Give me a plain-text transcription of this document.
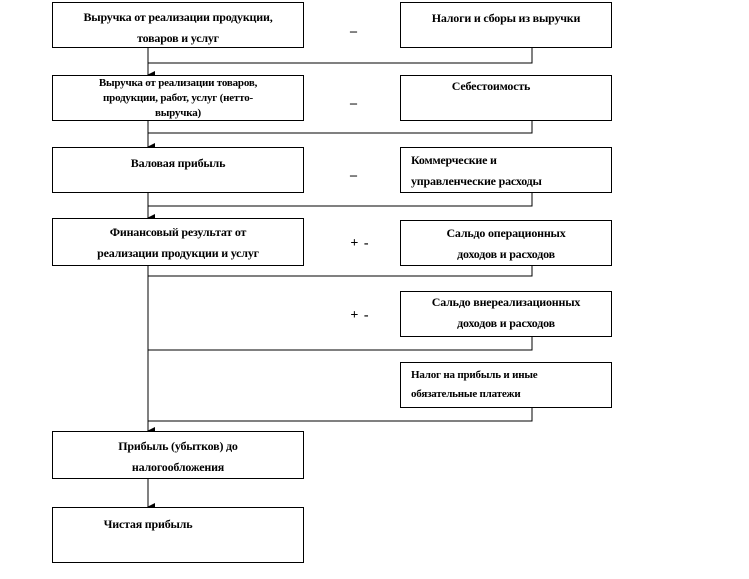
Выручка от реализации продукции,
товаров и услуг
Выручка от реализации товаров,
продукции, работ, услуг (нетто-
выручка)
Валовая прибыль
Финансовый результат от
реализации продукции и услуг
Прибыль (убытков) до
налогообложения
Чистая прибыль
Налоги и сборы из выручки
Себестоимость
Коммерческие и
управленческие расходы
Сальдо операционных
доходов и расходов
Сальдо внереализационных
доходов и расходов
Налог на прибыль и иные
обязательные платежи
–
–
–
+ -
+ -
